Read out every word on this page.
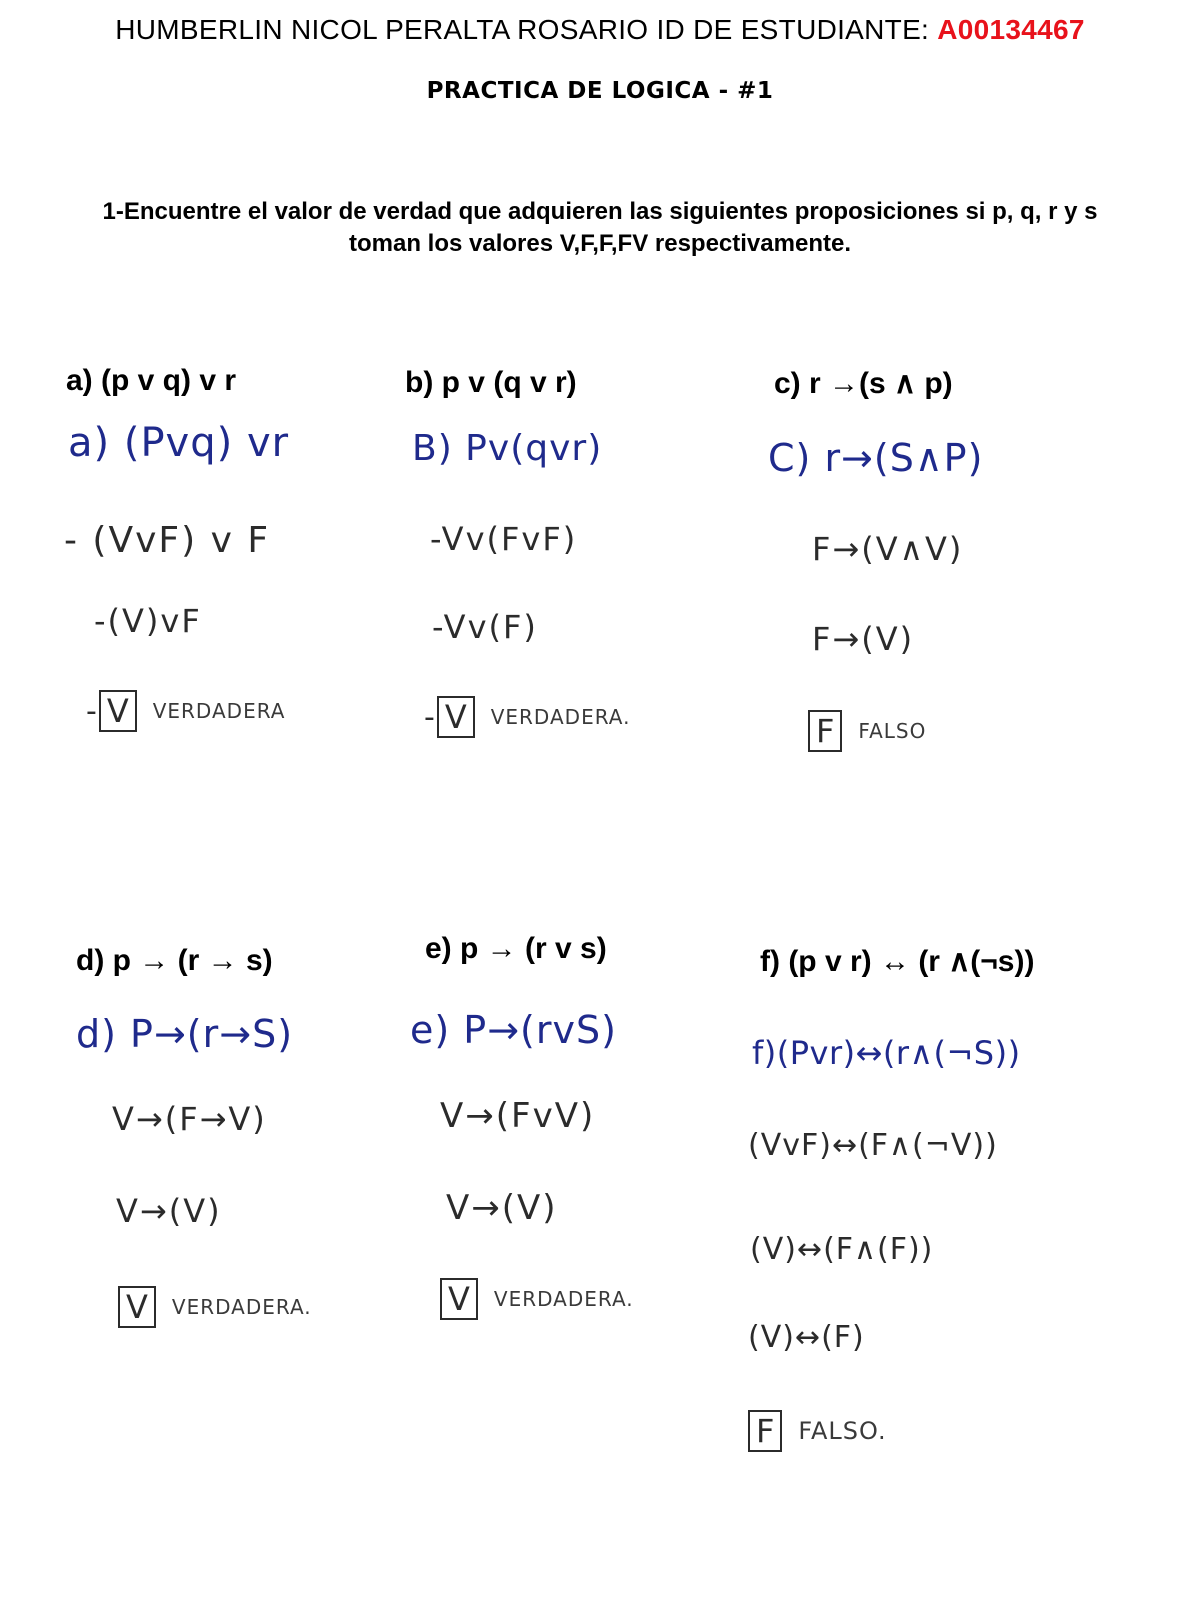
HUMBERLIN NICOL PERALTA ROSARIO ID DE ESTUDIANTE: A00134467
PRACTICA DE LOGICA - #1
1-Encuentre el valor de verdad que adquieren las siguientes proposiciones si p, q, r y s
toman los valores V,F,F,FV respectivamente.
a) (p v q) v r
a) (Pvq) vr
- (VvF) v F
-(V)vF
- V	VERDADERA
b) p v (q v r)
B) Pv(qvr)
-Vv(FvF)
-Vv(F)
- V	VERDADERA.
c) r →(s ∧ p)
C) r→(S∧P)
F→(V∧V)
F→(V)
F	FALSO
d) p → (r → s)
d) P→(r→S)
V→(F→V)
V→(V)
V	VERDADERA.
e) p → (r v s)
e) P→(rvS)
V→(FvV)
V→(V)
V	VERDADERA.
f) (p v r) ↔ (r ∧(¬s))
f)(Pvr)↔(r∧(¬S))
(VvF)↔(F∧(¬V))
(V)↔(F∧(F))
(V)↔(F)
F	FALSO.
